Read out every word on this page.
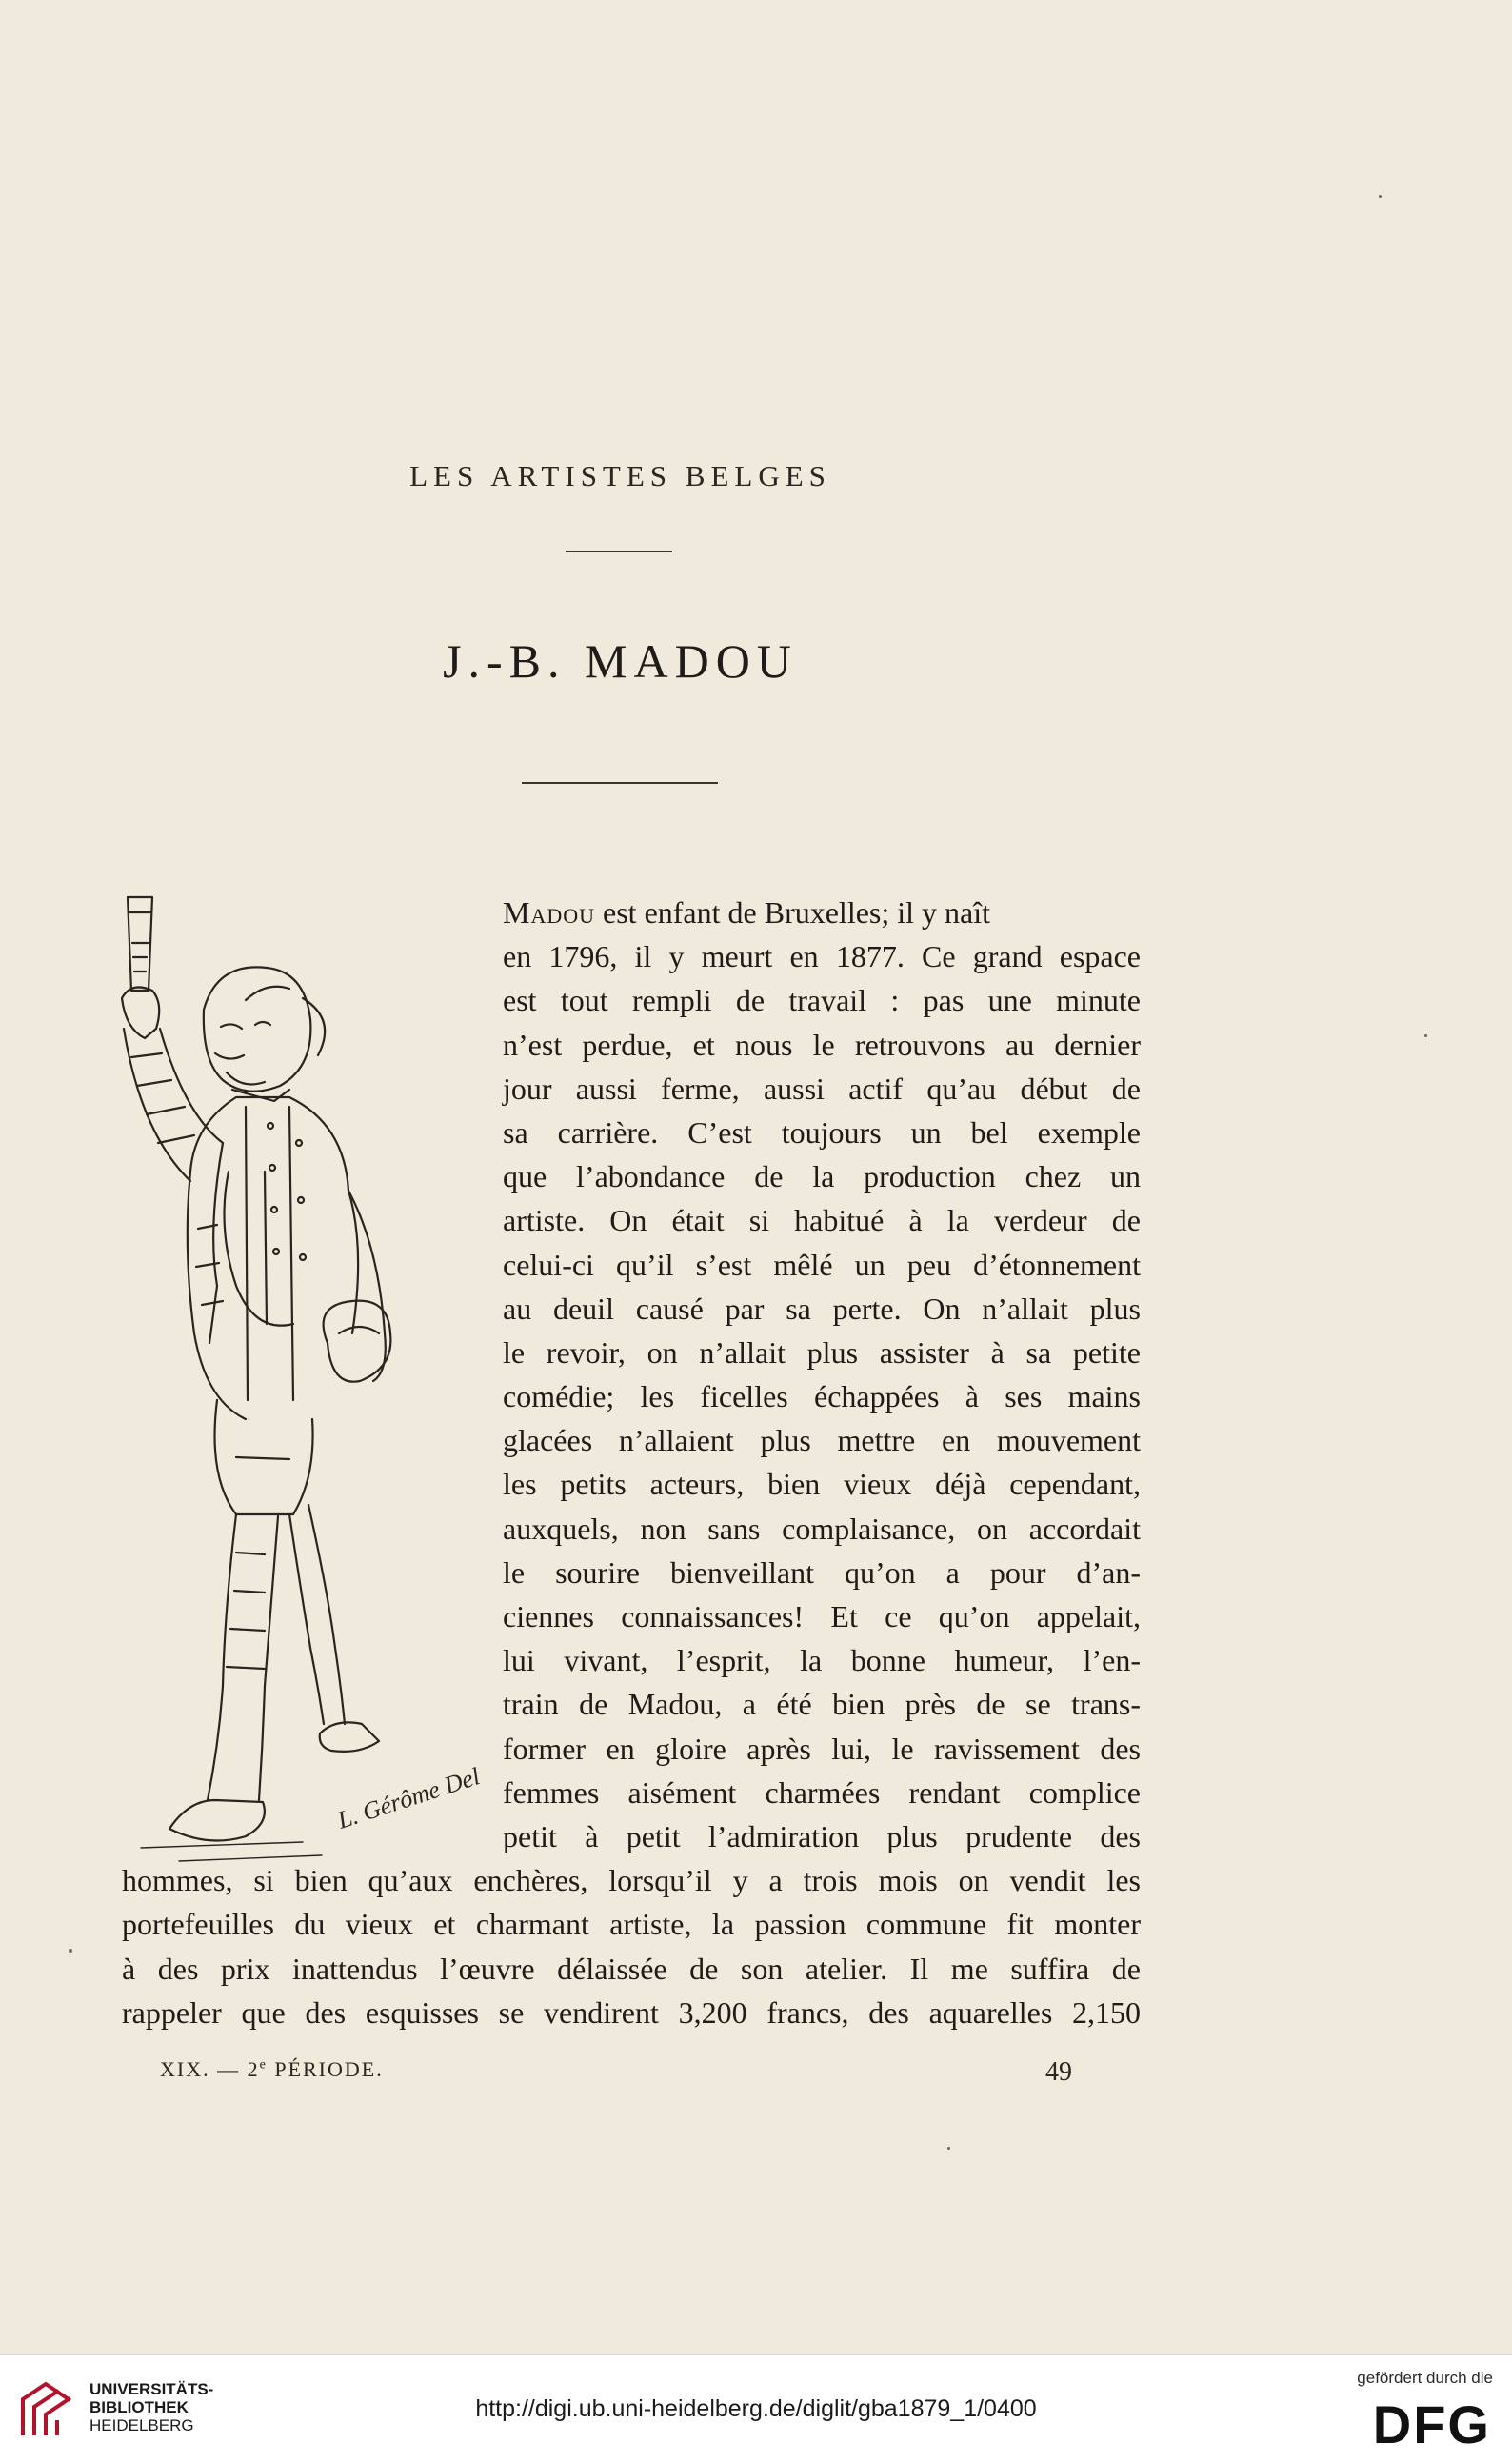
LES ARTISTES BELGES
J.-B. MADOU
L. Gérôme Del
Madou est enfant de Bruxelles; il y naît
en 1796, il y meurt en 1877. Ce grand espace
est tout rempli de travail : pas une minute
n’est perdue, et nous le retrouvons au dernier
jour aussi ferme, aussi actif qu’au début de
sa carrière. C’est toujours un bel exemple
que l’abondance de la production chez un
artiste. On était si habitué à la verdeur de
celui-ci qu’il s’est mêlé un peu d’étonnement
au deuil causé par sa perte. On n’allait plus
le revoir, on n’allait plus assister à sa petite
comédie; les ficelles échappées à ses mains
glacées n’allaient plus mettre en mouvement
les petits acteurs, bien vieux déjà cependant,
auxquels, non sans complaisance, on accordait
le sourire bienveillant qu’on a pour d’an-
ciennes connaissances! Et ce qu’on appelait,
lui vivant, l’esprit, la bonne humeur, l’en-
train de Madou, a été bien près de se trans-
former en gloire après lui, le ravissement des
femmes aisément charmées rendant complice
petit à petit l’admiration plus prudente des
hommes, si bien qu’aux enchères, lorsqu’il y a trois mois on vendit les
portefeuilles du vieux et charmant artiste, la passion commune fit monter
à des prix inattendus l’œuvre délaissée de son atelier. Il me suffira de
rappeler que des esquisses se vendirent 3,200 francs, des aquarelles 2,150
XIX. — 2e PÉRIODE.	49
UNIVERSITÄTS-
BIBLIOTHEK
HEIDELBERG
http://digi.ub.uni-heidelberg.de/diglit/gba1879_1/0400
gefördert durch die
DFG
